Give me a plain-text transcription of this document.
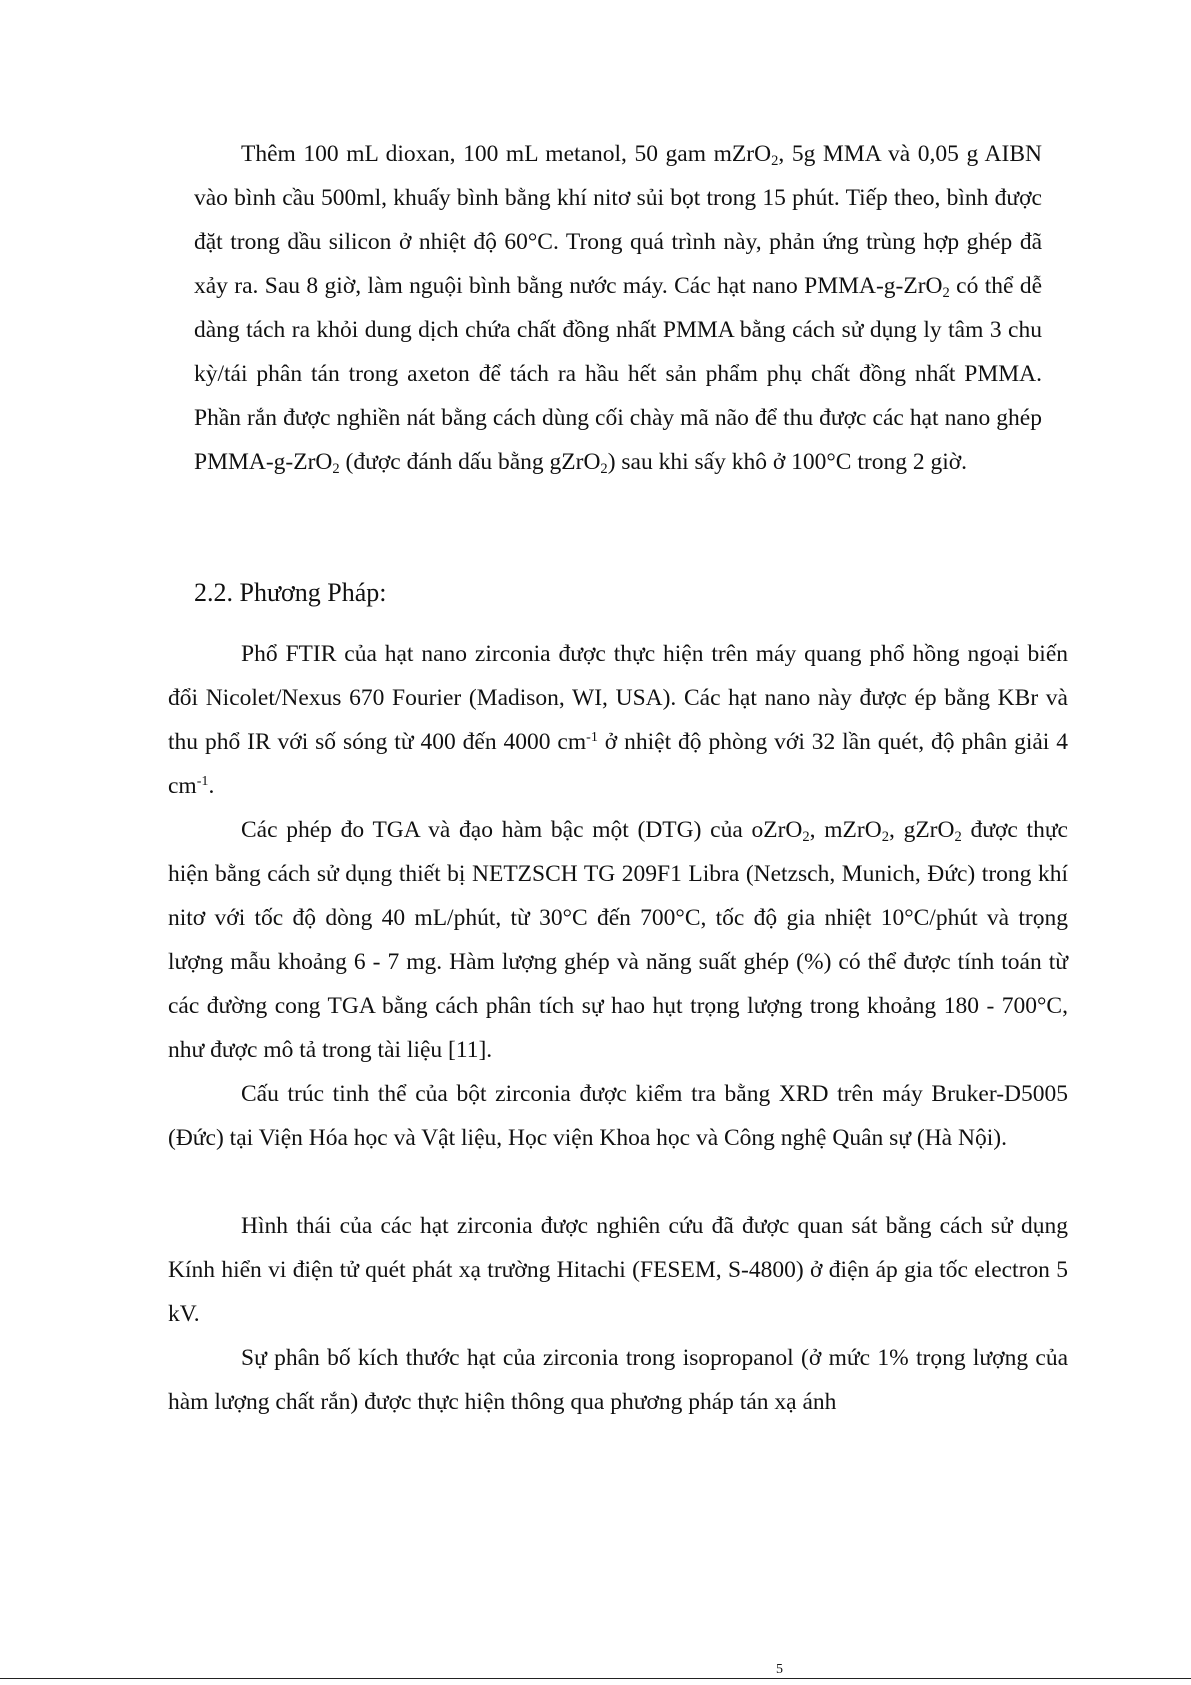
Thêm 100 mL dioxan, 100 mL metanol, 50 gam mZrO$_2$, 5g MMA và 0,05 g AIBN vào bình cầu 500ml, khuấy bình bằng khí nitơ sủi bọt trong 15 phút. Tiếp theo, bình được đặt trong dầu silicon ở nhiệt độ 60°C. Trong quá trình này, phản ứng trùng hợp ghép đã xảy ra. Sau 8 giờ, làm nguội bình bằng nước máy. Các hạt nano PMMA-g-ZrO$_2$ có thể dễ dàng tách ra khỏi dung dịch chứa chất đồng nhất PMMA bằng cách sử dụng ly tâm 3 chu kỳ/tái phân tán trong axeton để tách ra hầu hết sản phẩm phụ chất đồng nhất PMMA. Phần rắn được nghiền nát bằng cách dùng cối chày mã não để thu được các hạt nano ghép PMMA-g-ZrO$_2$ (được đánh dấu bằng gZrO$_2$) sau khi sấy khô ở 100°C trong 2 giờ.

2.2. Phương Pháp:

Phổ FTIR của hạt nano zirconia được thực hiện trên máy quang phổ hồng ngoại biến đổi Nicolet/Nexus 670 Fourier (Madison, WI, USA). Các hạt nano này được ép bằng KBr và thu phổ IR với số sóng từ 400 đến 4000 $cm^{-1}$ ở nhiệt độ phòng với 32 lần quét, độ phân giải 4 $cm^{-1}$.

Các phép đo TGA và đạo hàm bậc một (DTG) của oZrO$_2$, mZrO$_2$, gZrO$_2$ được thực hiện bằng cách sử dụng thiết bị NETZSCH TG 209F1 Libra (Netzsch, Munich, Đức) trong khí nitơ với tốc độ dòng 40 mL/phút, từ 30°C đến 700°C, tốc độ gia nhiệt 10°C/phút và trọng lượng mẫu khoảng 6 - 7 mg. Hàm lượng ghép và năng suất ghép (%) có thể được tính toán từ các đường cong TGA bằng cách phân tích sự hao hụt trọng lượng trong khoảng 180 - 700°C, như được mô tả trong tài liệu [11].

Cấu trúc tinh thể của bột zirconia được kiểm tra bằng XRD trên máy Bruker-D5005 (Đức) tại Viện Hóa học và Vật liệu, Học viện Khoa học và Công nghệ Quân sự (Hà Nội).

Hình thái của các hạt zirconia được nghiên cứu đã được quan sát bằng cách sử dụng Kính hiển vi điện tử quét phát xạ trường Hitachi (FESEM, S-4800) ở điện áp gia tốc electron 5 kV.

Sự phân bố kích thước hạt của zirconia trong isopropanol (ở mức 1% trọng lượng của hàm lượng chất rắn) được thực hiện thông qua phương pháp tán xạ ánh

5
